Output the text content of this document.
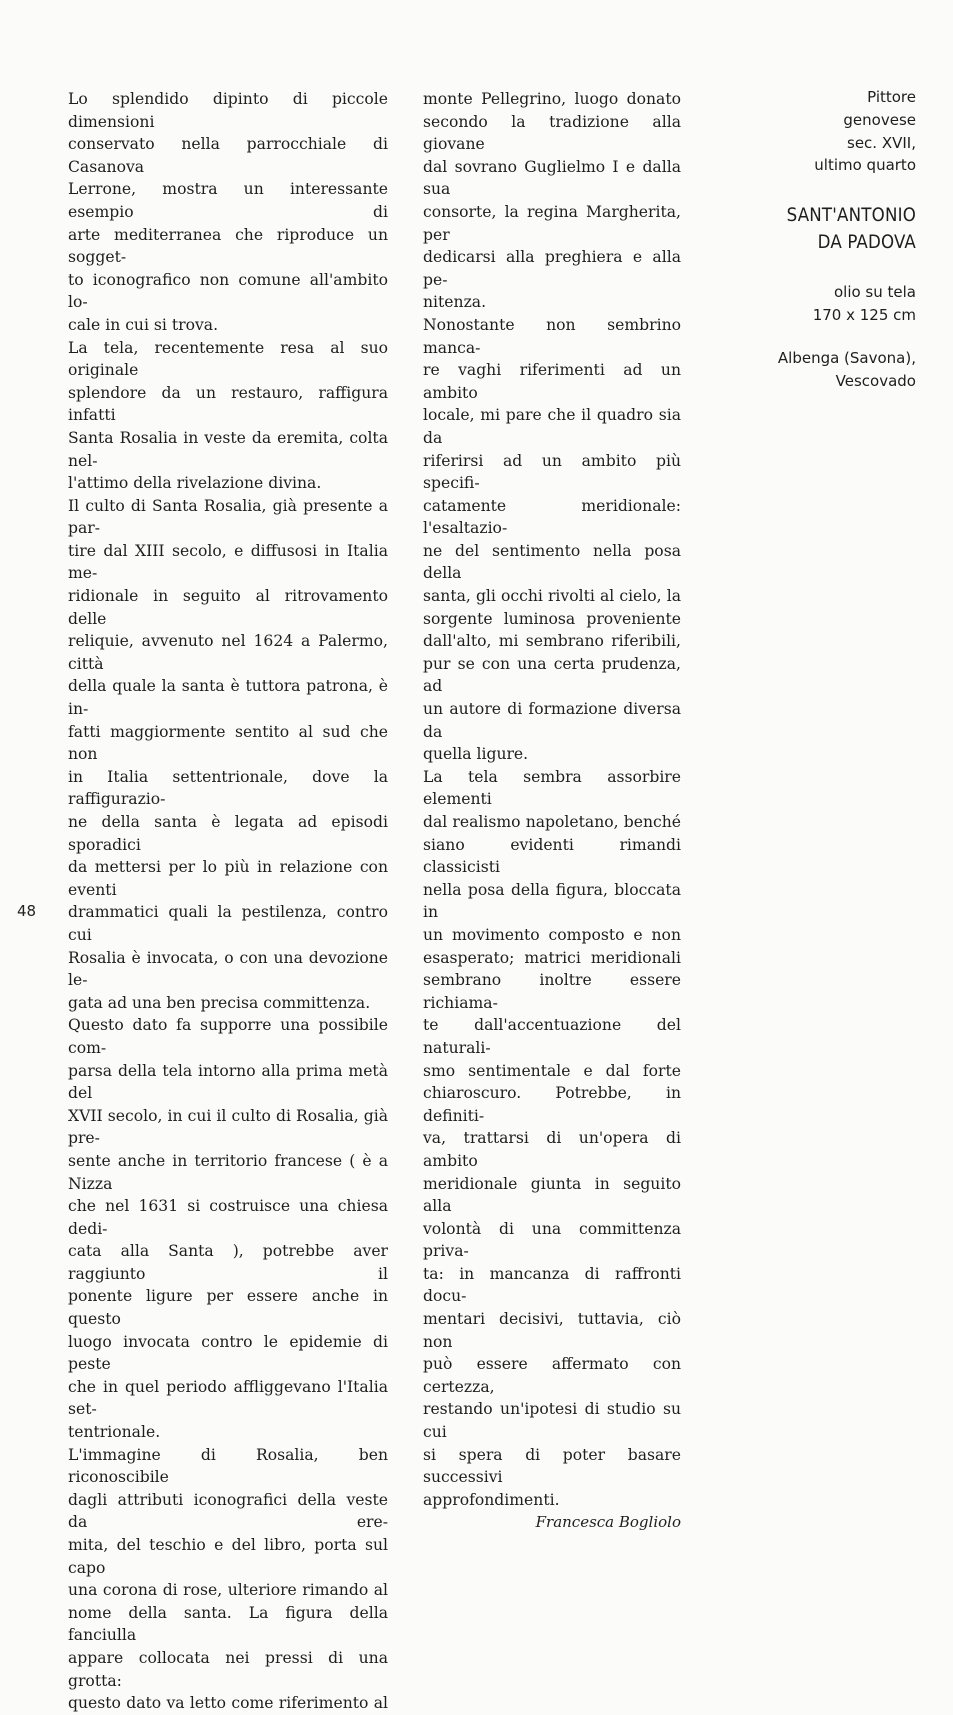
Lo splendido dipinto di piccole dimensioni
conservato nella parrocchiale di Casanova
Lerrone, mostra un interessante esempio di
arte mediterranea che riproduce un sogget-
to iconografico non comune all'ambito lo-
cale in cui si trova.
La tela, recentemente resa al suo originale
splendore da un restauro, raffigura infatti
Santa Rosalia in veste da eremita, colta nel-
l'attimo della rivelazione divina.
Il culto di Santa Rosalia, già presente a par-
tire dal XIII secolo, e diffusosi in Italia me-
ridionale in seguito al ritrovamento delle
reliquie, avvenuto nel 1624 a Palermo, città
della quale la santa è tuttora patrona, è in-
fatti maggiormente sentito al sud che non
in Italia settentrionale, dove la raffigurazio-
ne della santa è legata ad episodi sporadici
da mettersi per lo più in relazione con eventi
drammatici quali la pestilenza, contro cui
Rosalia è invocata, o con una devozione le-
gata ad una ben precisa committenza.
Questo dato fa supporre una possibile com-
parsa della tela intorno alla prima metà del
XVII secolo, in cui il culto di Rosalia, già pre-
sente anche in territorio francese ( è a Nizza
che nel 1631 si costruisce una chiesa dedi-
cata alla Santa ), potrebbe aver raggiunto il
ponente ligure per essere anche in questo
luogo invocata contro le epidemie di peste
che in quel periodo affliggevano l'Italia set-
tentrionale.
L'immagine di Rosalia, ben riconoscibile
dagli attributi iconografici della veste da ere-
mita, del teschio e del libro, porta sul capo
una corona di rose, ulteriore rimando al
nome della santa. La figura della fanciulla
appare collocata nei pressi di una grotta:
questo dato va letto come riferimento al
monte Pellegrino, luogo donato
secondo la tradizione alla giovane
dal sovrano Guglielmo I e dalla sua
consorte, la regina Margherita, per
dedicarsi alla preghiera e alla pe-
nitenza.
Nonostante non sembrino manca-
re vaghi riferimenti ad un ambito
locale, mi pare che il quadro sia da
riferirsi ad un ambito più specifi-
catamente meridionale: l'esaltazio-
ne del sentimento nella posa della
santa, gli occhi rivolti al cielo, la
sorgente luminosa proveniente
dall'alto, mi sembrano riferibili,
pur se con una certa prudenza, ad
un autore di formazione diversa da
quella ligure.
La tela sembra assorbire elementi
dal realismo napoletano, benché
siano evidenti rimandi classicisti
nella posa della figura, bloccata in
un movimento composto e non
esasperato; matrici meridionali
sembrano inoltre essere richiama-
te dall'accentuazione del naturali-
smo sentimentale e dal forte
chiaroscuro. Potrebbe, in definiti-
va, trattarsi di un'opera di ambito
meridionale giunta in seguito alla
volontà di una committenza priva-
ta: in mancanza di raffronti docu-
mentari decisivi, tuttavia, ciò non
può essere affermato con certezza,
restando un'ipotesi di studio su cui
si spera di poter basare successivi
approfondimenti.
Francesca Bogliolo
Pittore
genovese
sec. XVII,
ultimo quarto
SANT'ANTONIO
DA PADOVA
olio su tela
170 x 125 cm
Albenga (Savona),
Vescovado
48
